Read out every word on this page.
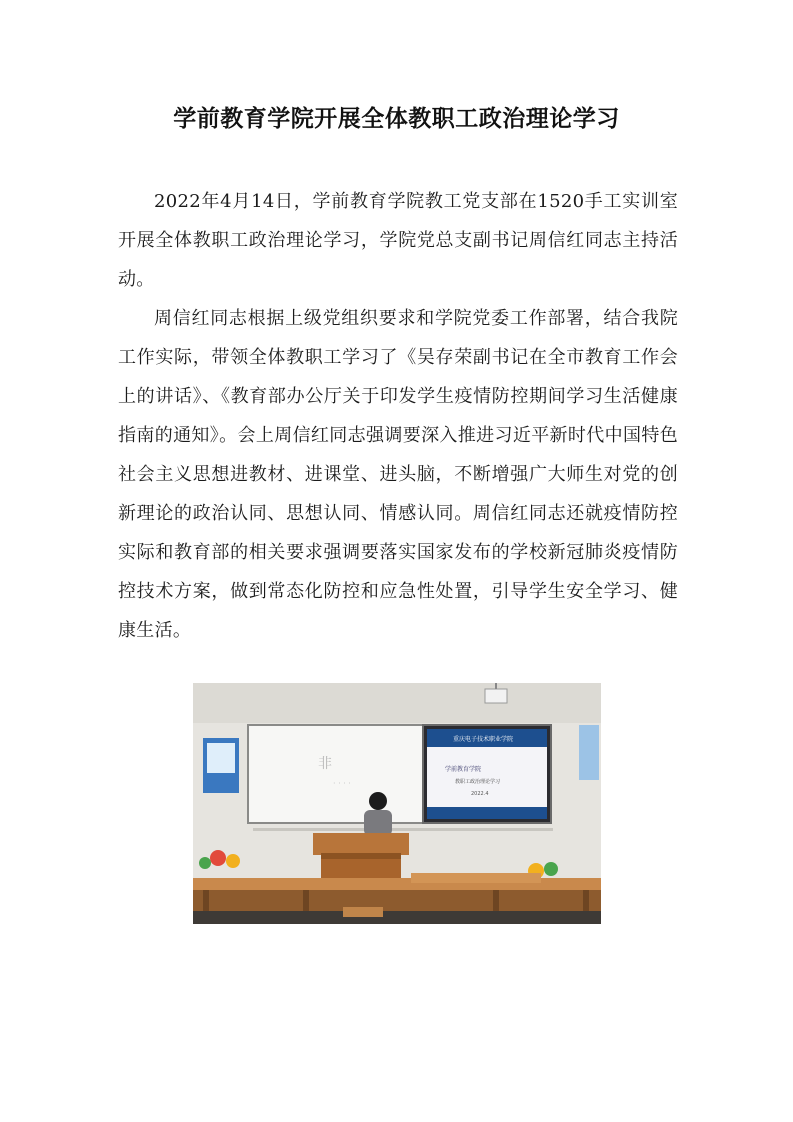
学前教育学院开展全体教职工政治理论学习

2022年4月14日，学前教育学院教工党支部在1520手工实训室开展全体教职工政治理论学习，学院党总支副书记周信红同志主持活动。

周信红同志根据上级党组织要求和学院党委工作部署，结合我院工作实际，带领全体教职工学习了《吴存荣副书记在全市教育工作会上的讲话》、《教育部办公厅关于印发学生疫情防控期间学习生活健康指南的通知》。会上周信红同志强调要深入推进习近平新时代中国特色社会主义思想进教材、进课堂、进头脑，不断增强广大师生对党的创新理论的政治认同、思想认同、情感认同。周信红同志还就疫情防控实际和教育部的相关要求强调要落实国家发布的学校新冠肺炎疫情防控技术方案，做到常态化防控和应急性处置，引导学生安全学习、健康生活。

非
· · · ·
重庆电子技术职业学院
学前教育学院
教职工政治理论学习
2022.4
